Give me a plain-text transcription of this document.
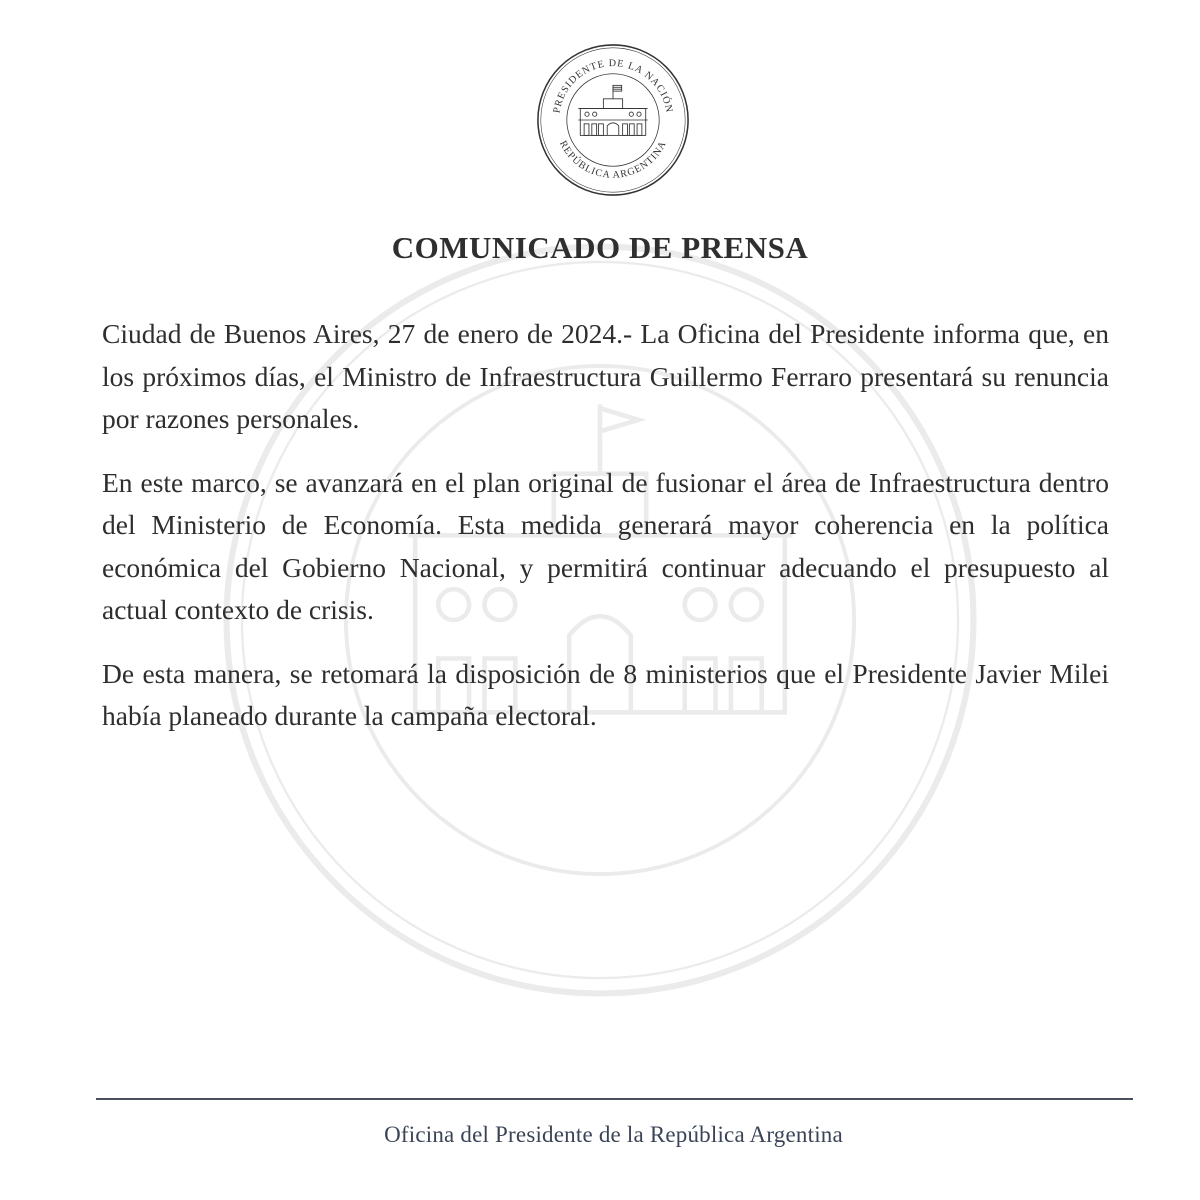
PRESIDENTE DE LA NACIÓN
REPÚBLICA ARGENTINA
COMUNICADO DE PRENSA

Ciudad de Buenos Aires, 27 de enero de 2024.- La Oficina del Presidente informa que, en los próximos días, el Ministro de Infraestructura Guillermo Ferraro presentará su renuncia por razones personales.

En este marco, se avanzará en el plan original de fusionar el área de Infraestructura dentro del Ministerio de Economía. Esta medida generará mayor coherencia en la política económica del Gobierno Nacional, y permitirá continuar adecuando el presupuesto al actual contexto de crisis.

De esta manera, se retomará la disposición de 8 ministerios que el Presidente Javier Milei había planeado durante la campaña electoral.

Oficina del Presidente de la República Argentina
